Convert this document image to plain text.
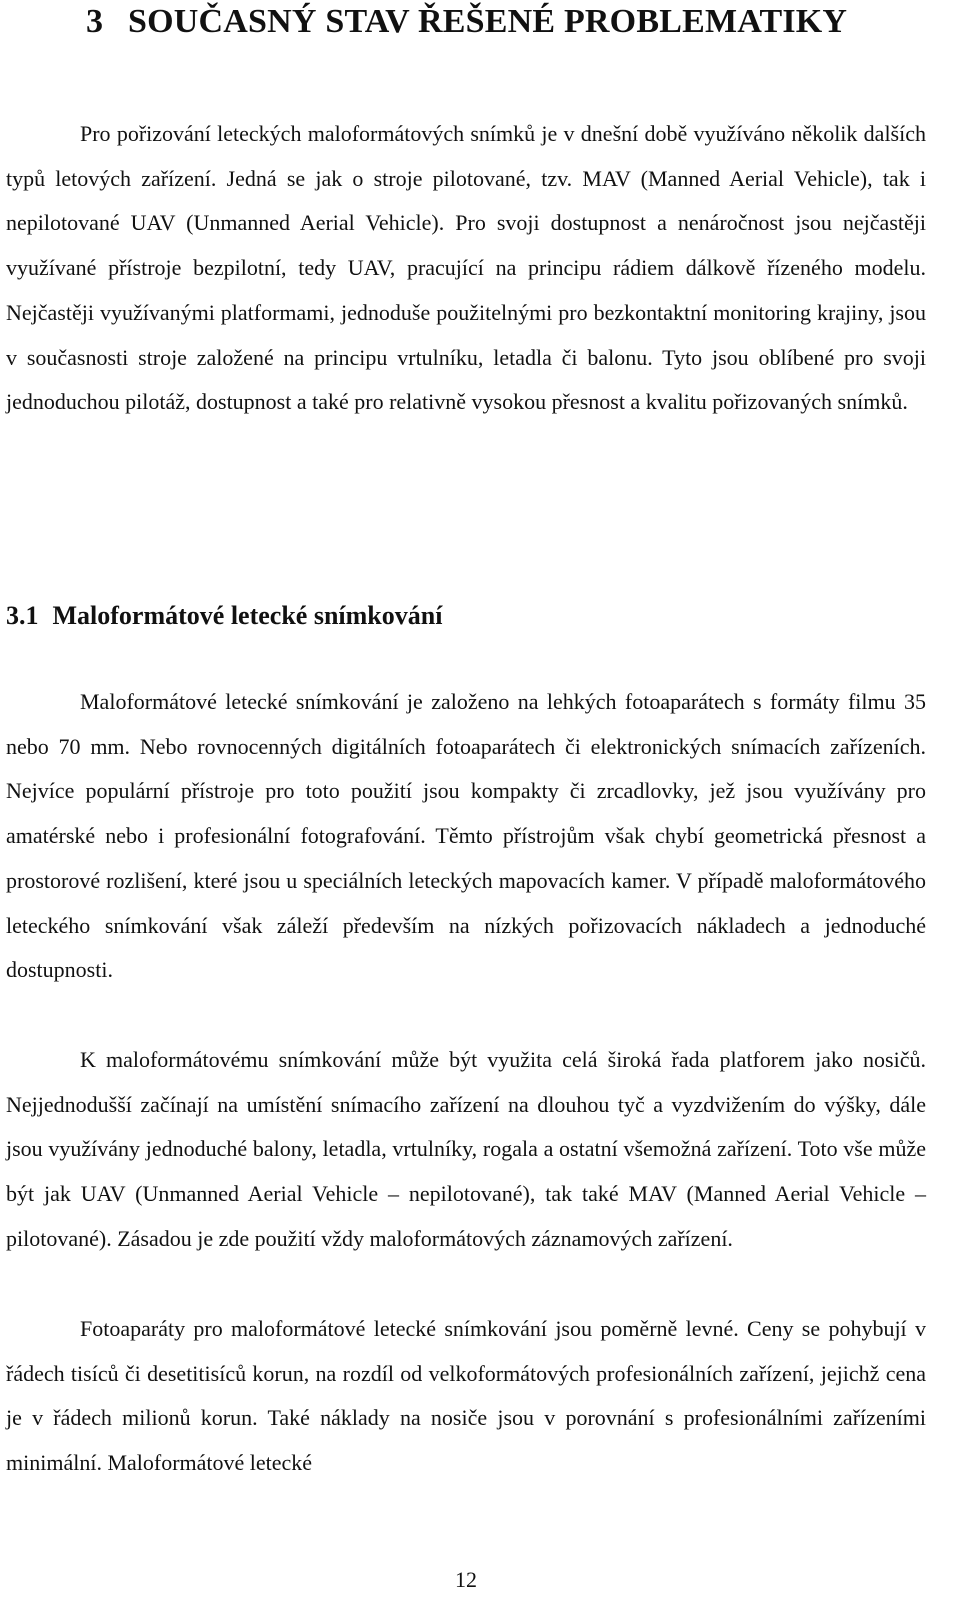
3 SOUČASNÝ STAV ŘEŠENÉ PROBLEMATIKY

Pro pořizování leteckých maloformátových snímků je v dnešní době využíváno několik dalších typů letových zařízení. Jedná se jak o stroje pilotované, tzv. MAV (Manned Aerial Vehicle), tak i nepilotované UAV (Unmanned Aerial Vehicle). Pro svoji dostupnost a nenáročnost jsou nejčastěji využívané přístroje bezpilotní, tedy UAV, pracující na principu rádiem dálkově řízeného modelu. Nejčastěji využívanými platformami, jednoduše použitelnými pro bezkontaktní monitoring krajiny, jsou v současnosti stroje založené na principu vrtulníku, letadla či balonu. Tyto jsou oblíbené pro svoji jednoduchou pilotáž, dostupnost a také pro relativně vysokou přesnost a kvalitu pořizovaných snímků.

3.1 Maloformátové letecké snímkování

Maloformátové letecké snímkování je založeno na lehkých fotoaparátech s formáty filmu 35 nebo 70 mm. Nebo rovnocenných digitálních fotoaparátech či elektronických snímacích zařízeních. Nejvíce populární přístroje pro toto použití jsou kompakty či zrcadlovky, jež jsou využívány pro amatérské nebo i profesionální fotografování. Těmto přístrojům však chybí geometrická přesnost a prostorové rozlišení, které jsou u speciálních leteckých mapovacích kamer. V případě maloformátového leteckého snímkování však záleží především na nízkých pořizovacích nákladech a jednoduché dostupnosti.

K maloformátovému snímkování může být využita celá široká řada platforem jako nosičů. Nejjednodušší začínají na umístění snímacího zařízení na dlouhou tyč a vyzdvižením do výšky, dále jsou využívány jednoduché balony, letadla, vrtulníky, rogala a ostatní všemožná zařízení. Toto vše může být jak UAV (Unmanned Aerial Vehicle – nepilotované), tak také MAV (Manned Aerial Vehicle – pilotované). Zásadou je zde použití vždy maloformátových záznamových zařízení.

Fotoaparáty pro maloformátové letecké snímkování jsou poměrně levné. Ceny se pohybují v řádech tisíců či desetitisíců korun, na rozdíl od velkoformátových profesionálních zařízení, jejichž cena je v řádech milionů korun. Také náklady na nosiče jsou v porovnání s profesionálními zařízeními minimální. Maloformátové letecké

12
